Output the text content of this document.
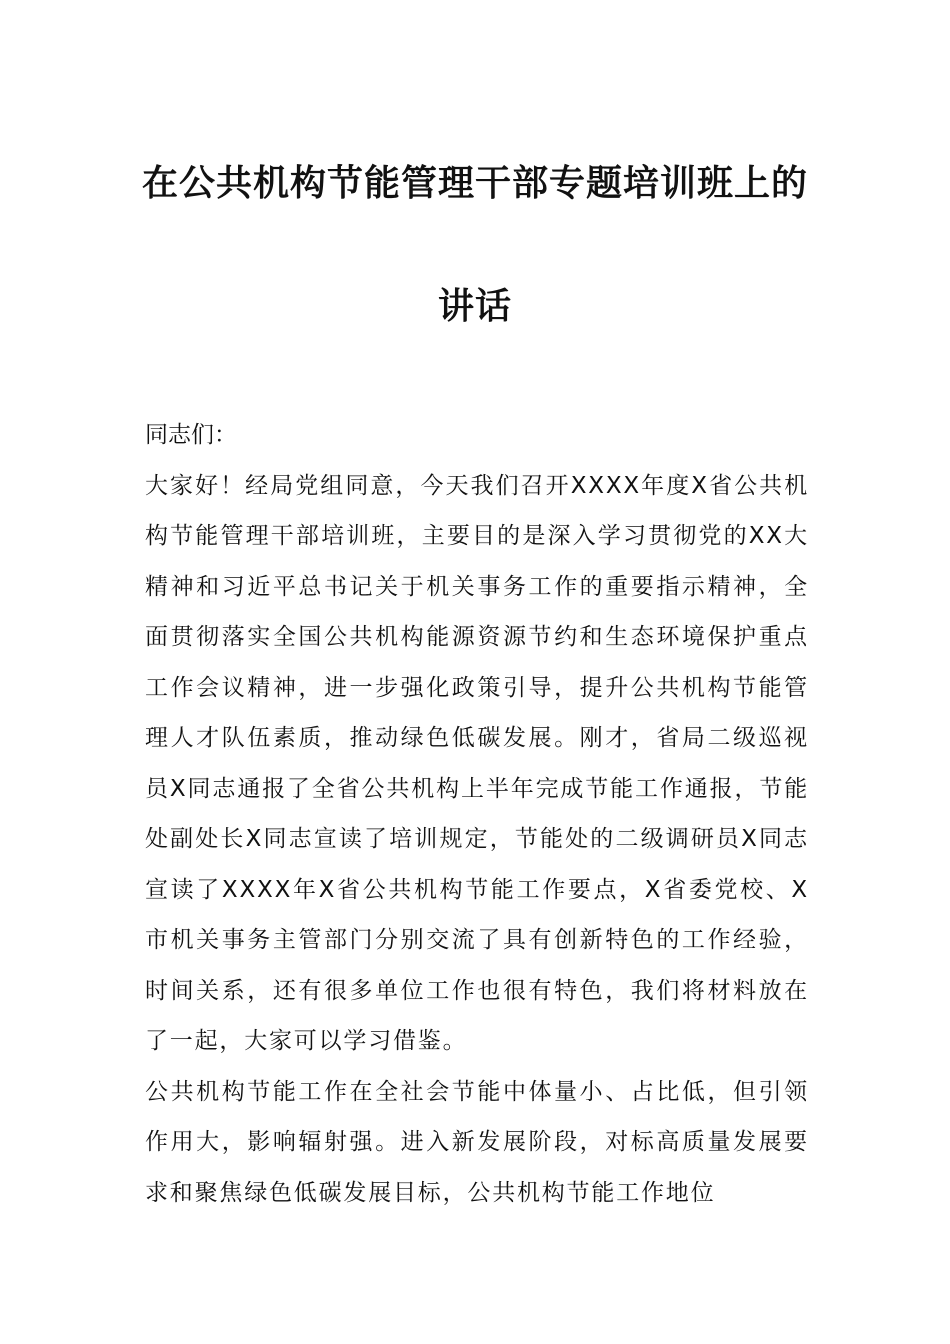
在公共机构节能管理干部专题培训班上的
讲话

同志们：

大家好！经局党组同意，今天我们召开XXXX年度X省公共机构节能管理干部培训班，主要目的是深入学习贯彻党的XX大精神和习近平总书记关于机关事务工作的重要指示精神，全面贯彻落实全国公共机构能源资源节约和生态环境保护重点工作会议精神，进一步强化政策引导，提升公共机构节能管理人才队伍素质，推动绿色低碳发展。刚才，省局二级巡视员X同志通报了全省公共机构上半年完成节能工作通报，节能处副处长X同志宣读了培训规定，节能处的二级调研员X同志宣读了XXXX年X省公共机构节能工作要点，X省委党校、X市机关事务主管部门分别交流了具有创新特色的工作经验，时间关系，还有很多单位工作也很有特色，我们将材料放在了一起，大家可以学习借鉴。

公共机构节能工作在全社会节能中体量小、占比低，但引领作用大，影响辐射强。进入新发展阶段，对标高质量发展要求和聚焦绿色低碳发展目标，公共机构节能工作地位
